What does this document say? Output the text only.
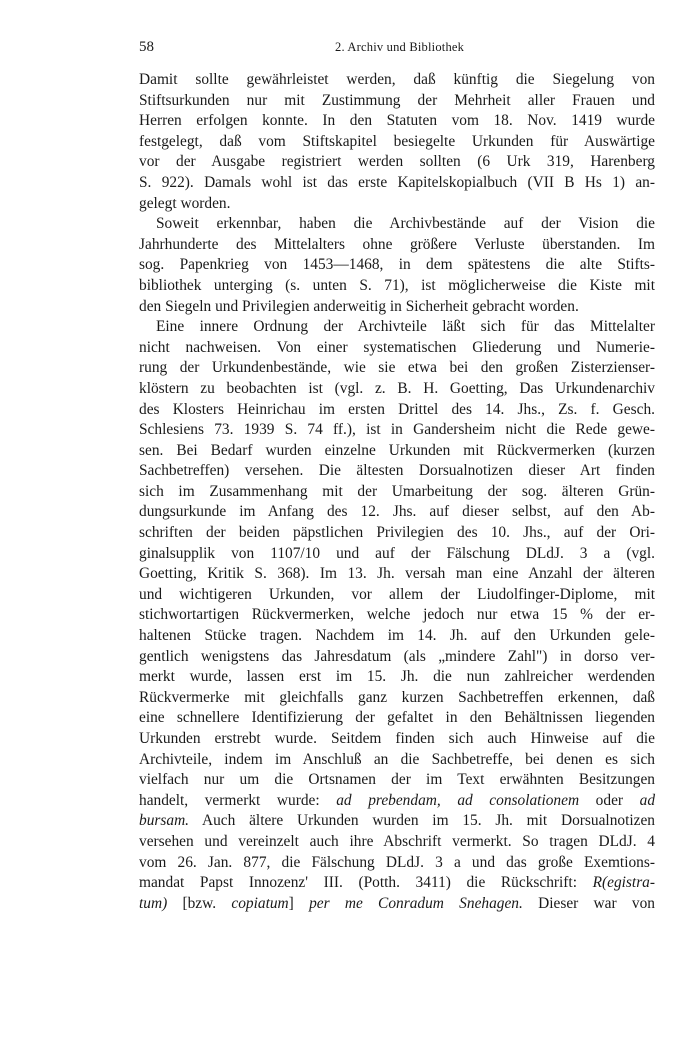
58	2. Archiv und Bibliothek
Damit sollte gewährleistet werden, daß künftig die Siegelung von
Stiftsurkunden nur mit Zustimmung der Mehrheit aller Frauen und
Herren erfolgen konnte. In den Statuten vom 18. Nov. 1419 wurde
festgelegt, daß vom Stiftskapitel besiegelte Urkunden für Auswärtige
vor der Ausgabe registriert werden sollten (6 Urk 319, Harenberg
S. 922). Damals wohl ist das erste Kapitelskopialbuch (VII B Hs 1) an-
gelegt worden.
Soweit erkennbar, haben die Archivbestände auf der Vision die
Jahrhunderte des Mittelalters ohne größere Verluste überstanden. Im
sog. Papenkrieg von 1453—1468, in dem spätestens die alte Stifts-
bibliothek unterging (s. unten S. 71), ist möglicherweise die Kiste mit
den Siegeln und Privilegien anderweitig in Sicherheit gebracht worden.
Eine innere Ordnung der Archivteile läßt sich für das Mittelalter
nicht nachweisen. Von einer systematischen Gliederung und Numerie-
rung der Urkundenbestände, wie sie etwa bei den großen Zisterzienser-
klöstern zu beobachten ist (vgl. z. B. H. Goetting, Das Urkundenarchiv
des Klosters Heinrichau im ersten Drittel des 14. Jhs., Zs. f. Gesch.
Schlesiens 73. 1939 S. 74 ff.), ist in Gandersheim nicht die Rede gewe-
sen. Bei Bedarf wurden einzelne Urkunden mit Rückvermerken (kurzen
Sachbetreffen) versehen. Die ältesten Dorsualnotizen dieser Art finden
sich im Zusammenhang mit der Umarbeitung der sog. älteren Grün-
dungsurkunde im Anfang des 12. Jhs. auf dieser selbst, auf den Ab-
schriften der beiden päpstlichen Privilegien des 10. Jhs., auf der Ori-
ginalsupplik von 1107/10 und auf der Fälschung DLdJ. 3 a (vgl.
Goetting, Kritik S. 368). Im 13. Jh. versah man eine Anzahl der älteren
und wichtigeren Urkunden, vor allem der Liudolfinger-Diplome, mit
stichwortartigen Rückvermerken, welche jedoch nur etwa 15 % der er-
haltenen Stücke tragen. Nachdem im 14. Jh. auf den Urkunden gele-
gentlich wenigstens das Jahresdatum (als „mindere Zahl") in dorso ver-
merkt wurde, lassen erst im 15. Jh. die nun zahlreicher werdenden
Rückvermerke mit gleichfalls ganz kurzen Sachbetreffen erkennen, daß
eine schnellere Identifizierung der gefaltet in den Behältnissen liegenden
Urkunden erstrebt wurde. Seitdem finden sich auch Hinweise auf die
Archivteile, indem im Anschluß an die Sachbetreffe, bei denen es sich
vielfach nur um die Ortsnamen der im Text erwähnten Besitzungen
handelt, vermerkt wurde: ad prebendam, ad consolationem oder ad
bursam. Auch ältere Urkunden wurden im 15. Jh. mit Dorsualnotizen
versehen und vereinzelt auch ihre Abschrift vermerkt. So tragen DLdJ. 4
vom 26. Jan. 877, die Fälschung DLdJ. 3 a und das große Exemtions-
mandat Papst Innozenz' III. (Potth. 3411) die Rückschrift: R(egistra-
tum) [bzw. copiatum] per me Conradum Snehagen. Dieser war von
